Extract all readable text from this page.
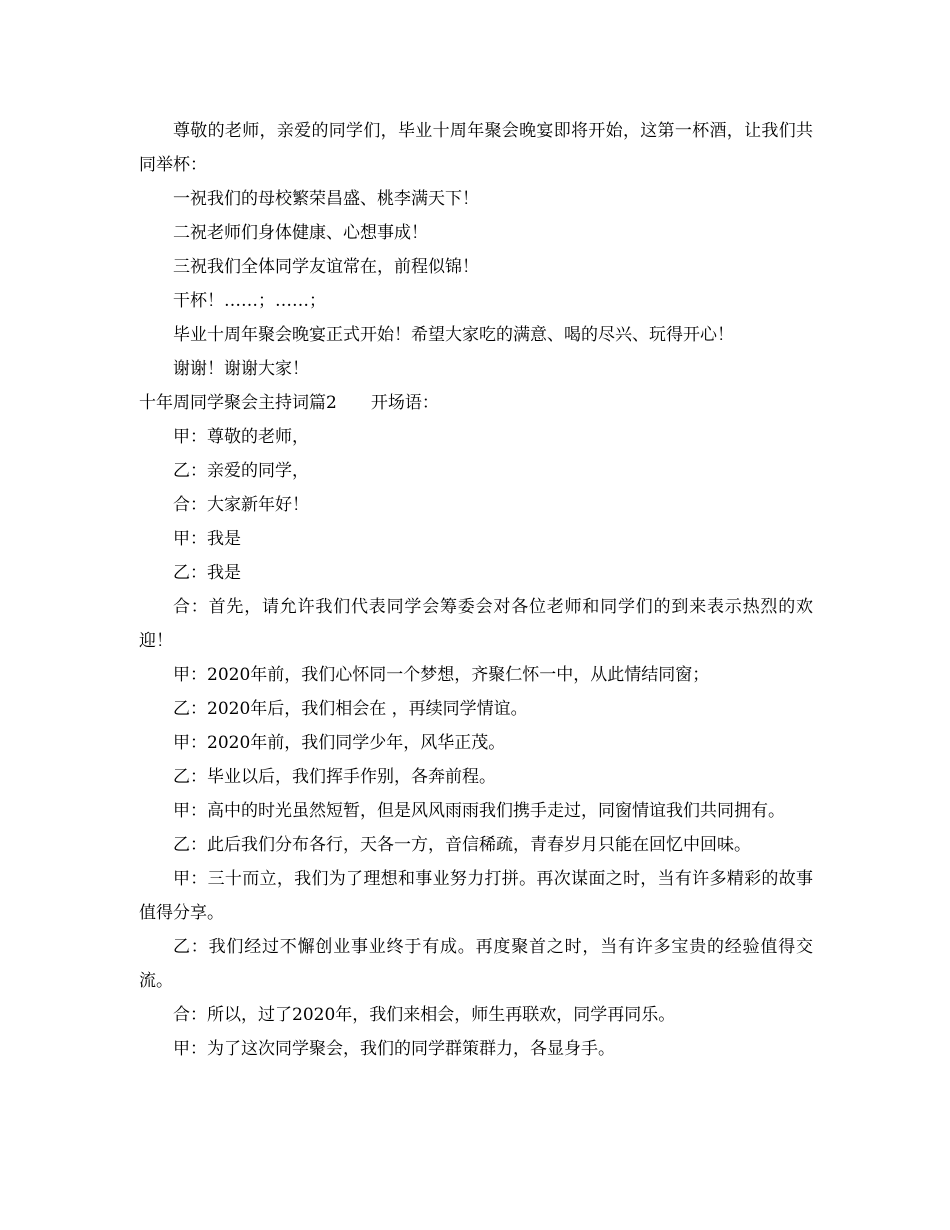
尊敬的老师，亲爱的同学们，毕业十周年聚会晚宴即将开始，这第一杯酒，让我们共同举杯：

一祝我们的母校繁荣昌盛、桃李满天下！

二祝老师们身体健康、心想事成！

三祝我们全体同学友谊常在，前程似锦！

干杯！……；……；

毕业十周年聚会晚宴正式开始！希望大家吃的满意、喝的尽兴、玩得开心！

谢谢！谢谢大家！

十年周同学聚会主持词篇2　　开场语：

甲：尊敬的老师，

乙：亲爱的同学，

合：大家新年好！

甲：我是

乙：我是

合：首先，请允许我们代表同学会筹委会对各位老师和同学们的到来表示热烈的欢迎！

甲：2020年前，我们心怀同一个梦想，齐聚仁怀一中，从此情结同窗；

乙：2020年后，我们相会在 ，再续同学情谊。

甲：2020年前，我们同学少年，风华正茂。

乙：毕业以后，我们挥手作别，各奔前程。

甲：高中的时光虽然短暂，但是风风雨雨我们携手走过，同窗情谊我们共同拥有。

乙：此后我们分布各行，天各一方，音信稀疏，青春岁月只能在回忆中回味。

甲：三十而立，我们为了理想和事业努力打拼。再次谋面之时，当有许多精彩的故事值得分享。

乙：我们经过不懈创业事业终于有成。再度聚首之时，当有许多宝贵的经验值得交流。

合：所以，过了2020年，我们来相会，师生再联欢，同学再同乐。

甲：为了这次同学聚会，我们的同学群策群力，各显身手。
